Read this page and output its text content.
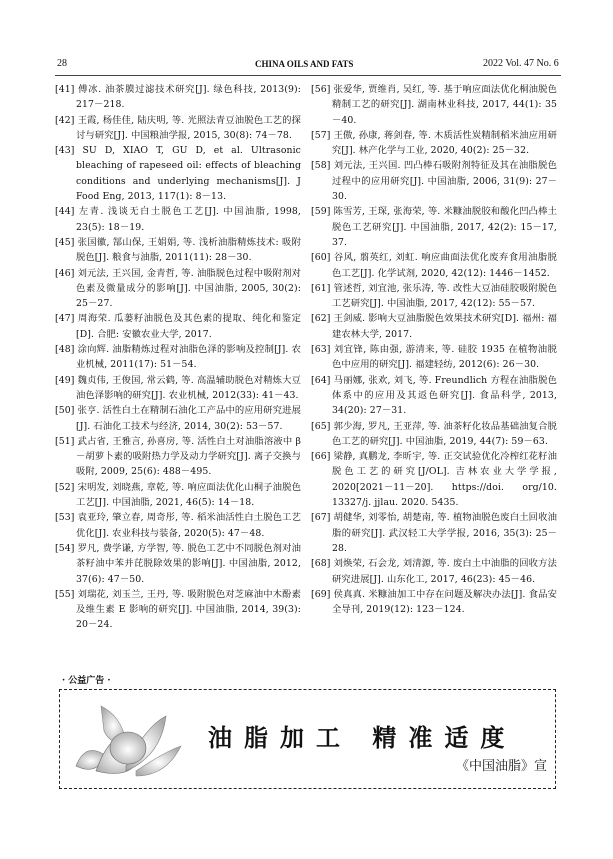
28	CHINA OILS AND FATS	2022 Vol. 47 No. 6
[41] 傅冰. 油茶膜过滤技术研究[J]. 绿色科技, 2013(9): 217－218.
[42] 王霞, 杨佳佳, 陆庆明, 等. 光照法青豆油脱色工艺的探讨与研究[J]. 中国粮油学报, 2015, 30(8): 74－78.
[43] SU D, XIAO T, GU D, et al. Ultrasonic bleaching of rapeseed oil: effects of bleaching conditions and underlying mechanisms[J]. J Food Eng, 2013, 117(1): 8－13.
[44] 左青. 浅谈无白土脱色工艺[J]. 中国油脂, 1998, 23(5): 18－19.
[45] 张国徽, 郜山保, 王娟娟, 等. 浅析油脂精炼技术: 吸附脱色[J]. 粮食与油脂, 2011(11): 28－30.
[46] 刘元法, 王兴国, 金青哲, 等. 油脂脱色过程中吸附剂对色素及微量成分的影响[J]. 中国油脂, 2005, 30(2): 25－27.
[47] 周海荣. 瓜蒌籽油脱色及其色素的提取、纯化和鉴定[D]. 合肥: 安徽农业大学, 2017.
[48] 涂向辉. 油脂精炼过程对油脂色泽的影响及控制[J]. 农业机械, 2011(17): 51－54.
[49] 魏贞伟, 王俊国, 常云鹤, 等. 高温辅助脱色对精炼大豆油色泽影响的研究[J]. 农业机械, 2012(33): 41－43.
[50] 张亨. 活性白土在精制石油化工产品中的应用研究进展[J]. 石油化工技术与经济, 2014, 30(2): 53－57.
[51] 武占省, 王雅言, 孙喜房, 等. 活性白土对油脂溶液中 β－胡萝卜素的吸附热力学及动力学研究[J]. 离子交换与吸附, 2009, 25(6): 488－495.
[52] 宋明发, 刘晓燕, 章乾, 等. 响应面法优化山桐子油脱色工艺[J]. 中国油脂, 2021, 46(5): 14－18.
[53] 袁亚玲, 肇立春, 周奇彤, 等. 稻米油活性白土脱色工艺优化[J]. 农业科技与装备, 2020(5): 47－48.
[54] 罗凡, 费学谦, 方学智, 等. 脱色工艺中不同脱色剂对油茶籽油中苯并芘脱除效果的影响[J]. 中国油脂, 2012, 37(6): 47－50.
[55] 刘瑞花, 刘玉兰, 王丹, 等. 吸附脱色对芝麻油中木酚素及维生素 E 影响的研究[J]. 中国油脂, 2014, 39(3): 20－24.
[56] 张爱华, 贾维肖, 吴红, 等. 基于响应面法优化桐油脱色精制工艺的研究[J]. 湖南林业科技, 2017, 44(1): 35－40.
[57] 王傲, 孙康, 蒋剑春, 等. 木质活性炭精制稻米油应用研究[J]. 林产化学与工业, 2020, 40(2): 25－32.
[58] 刘元法, 王兴国. 凹凸棒石吸附剂特征及其在油脂脱色过程中的应用研究[J]. 中国油脂, 2006, 31(9): 27－30.
[59] 陈雪芳, 王琛, 张海荣, 等. 米糠油脱胶和酸化凹凸棒土脱色工艺研究[J]. 中国油脂, 2017, 42(2): 15－17, 37.
[60] 谷风, 翦英红, 刘虹. 响应曲面法优化废弃食用油脂脱色工艺[J]. 化学试剂, 2020, 42(12): 1446－1452.
[61] 管述哲, 刘宜池, 张乐涛, 等. 改性大豆油硅胶吸附脱色工艺研究[J]. 中国油脂, 2017, 42(12): 55－57.
[62] 王剑威. 影响大豆油脂脱色效果技术研究[D]. 福州: 福建农林大学, 2017.
[63] 刘宜锋, 陈由强, 游清来, 等. 硅胶 1935 在植物油脱色中应用的研究[J]. 福建轻纺, 2012(6): 26－30.
[64] 马丽娜, 张欢, 刘飞, 等. Freundlich 方程在油脂脱色体系中的应用及其返色研究[J]. 食品科学, 2013, 34(20): 27－31.
[65] 郭少海, 罗凡, 王亚萍, 等. 油茶籽化妆品基础油复合脱色工艺的研究[J]. 中国油脂, 2019, 44(7): 59－63.
[66] 梁静, 真鹏龙, 李昕宇, 等. 正交试验优化冷榨红花籽油脱色工艺的研究[J/OL]. 吉林农业大学学报, 2020[2021－11－20]. https://doi. org/10. 13327/j. jjlau. 2020. 5435.
[67] 胡健华, 刘零怡, 胡楚南, 等. 植物油脱色废白土回收油脂的研究[J]. 武汉轻工大学学报, 2016, 35(3): 25－28.
[68] 刘焕荣, 石会龙, 刘清源, 等. 废白土中油脂的回收方法研究进展[J]. 山东化工, 2017, 46(23): 45－46.
[69] 侯真真. 米糠油加工中存在问题及解决办法[J]. 食品安全导刊, 2019(12): 123－124.
· 公益广告 ·
油脂加工 精准适度
《中国油脂》宣
